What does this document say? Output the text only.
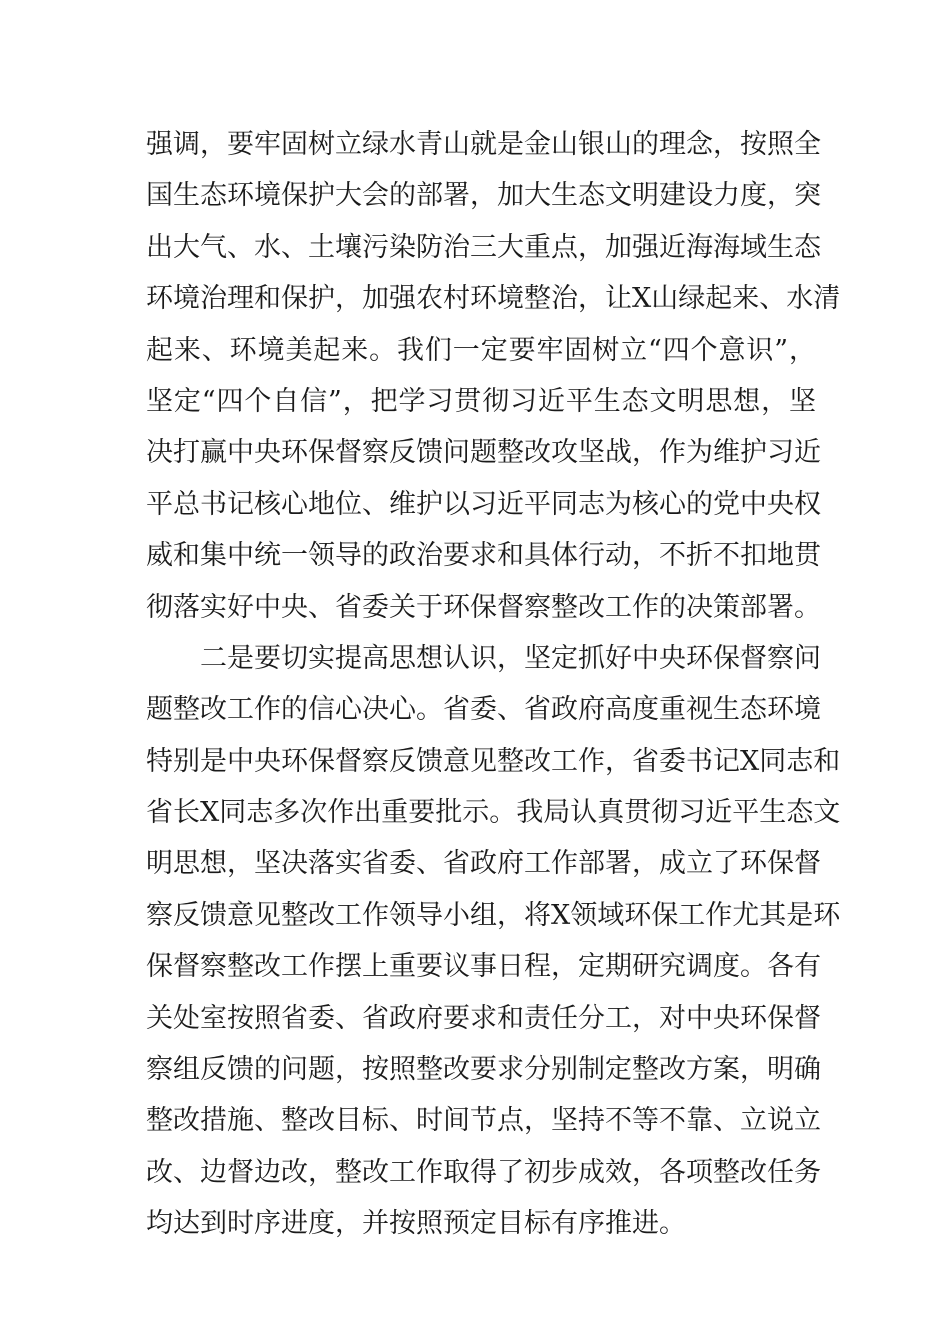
强调，要牢固树立绿水青山就是金山银山的理念，按照全
国生态环境保护大会的部署，加大生态文明建设力度，突
出大气、水、土壤污染防治三大重点，加强近海海域生态
环境治理和保护，加强农村环境整治，让X山绿起来、水清
起来、环境美起来。我们一定要牢固树立“四个意识”，
坚定“四个自信”，把学习贯彻习近平生态文明思想，坚
决打赢中央环保督察反馈问题整改攻坚战，作为维护习近
平总书记核心地位、维护以习近平同志为核心的党中央权
威和集中统一领导的政治要求和具体行动，不折不扣地贯
彻落实好中央、省委关于环保督察整改工作的决策部署。
二是要切实提高思想认识，坚定抓好中央环保督察问
题整改工作的信心决心。省委、省政府高度重视生态环境
特别是中央环保督察反馈意见整改工作，省委书记X同志和
省长X同志多次作出重要批示。我局认真贯彻习近平生态文
明思想，坚决落实省委、省政府工作部署，成立了环保督
察反馈意见整改工作领导小组，将X领域环保工作尤其是环
保督察整改工作摆上重要议事日程，定期研究调度。各有
关处室按照省委、省政府要求和责任分工，对中央环保督
察组反馈的问题，按照整改要求分别制定整改方案，明确
整改措施、整改目标、时间节点，坚持不等不靠、立说立
改、边督边改，整改工作取得了初步成效，各项整改任务
均达到时序进度，并按照预定目标有序推进。
